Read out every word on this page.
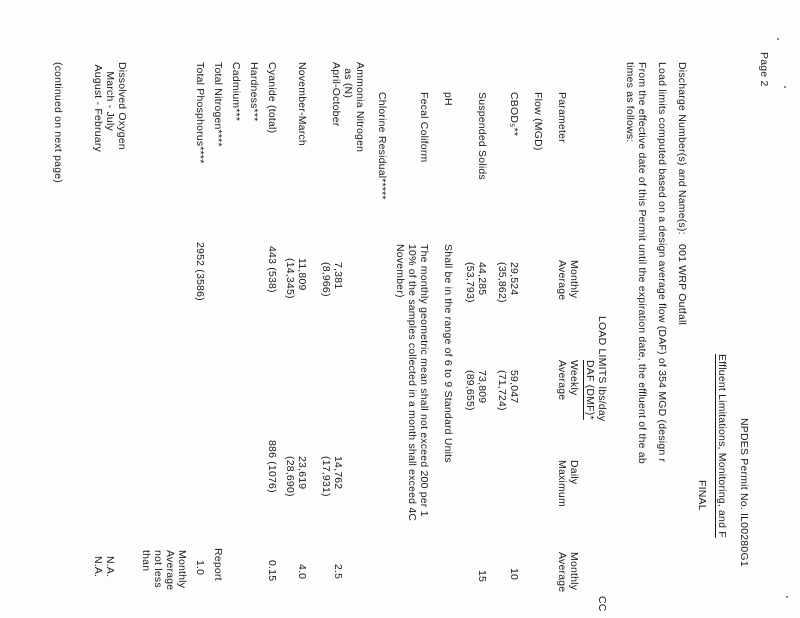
Page 2
NPDES Permit No. IL00280G1
Effluent Limitations, Monitoring, and F
FINAL
Discharge Number(s) and Name(s):   001 WRP Outfall
Load limits computed based on a design average flow (DAF) of 354 MGD (design r
From the effective date of this Permit until the expiration date, the effluent of the ab
times as follows:
LOAD LIMITS lbs/day
DAF (DMF)*
CC
Parameter
Monthly
Average
Weekly
Average
Daily
Maximum
Monthly
Average
Flow (MGD)
CBOD₅**
29,524
(35,862)
59,047
(71,724)
10
Suspended Solids
44,285
(53,793)
73,809
(89,655)
15
pH
Shall be in the range of 6 to 9 Standard Units
Fecal Coliform
The monthly geometric mean shall not exceed 200 per 1
10% of the samples collected in a month shall exceed 4C
November)
Chlorine Residual*****
Ammonia Nitrogen
as (N)
April-October
7,381
(8,966)
14,762
(17,931)
2.5
November-March
11,809
(14,345)
23,619
(28,690)
4.0
Cyanide (total)
443 (538)
886 (1076)
0.15
Hardness***
Cadmium***
Total Nitrogen****
Report
Total Phosphorus****
2952 (3586)
1.0
Monthly
Average
not less
than
Dissolved Oxygen
March - July
August - February
N.A.
N.A.
(continued on next page)
